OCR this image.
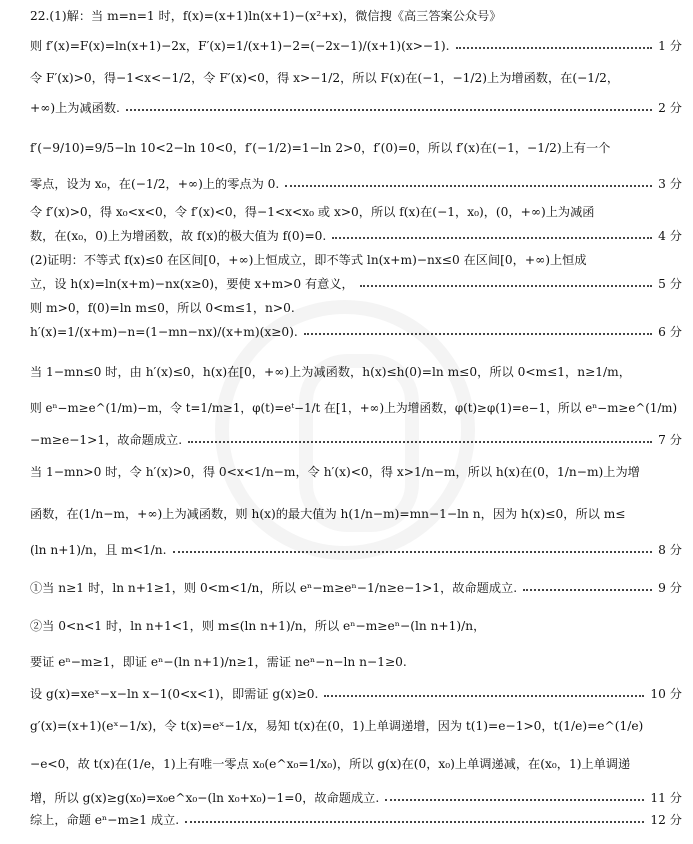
22.(1)解：当 m=n=1 时，f(x)=(x+1)ln(x+1)−(x²+x)，微信搜《高三答案公众号》
则 f′(x)=F(x)=ln(x+1)−2x，F′(x)=1/(x+1)−2=(−2x−1)/(x+1)(x>−1).	1 分
令 F′(x)>0，得−1<x<−1/2，令 F′(x)<0，得 x>−1/2，所以 F(x)在(−1，−1/2)上为增函数，在(−1/2，
+∞)上为减函数.	2 分
f′(−9/10)=9/5−ln 10<2−ln 10<0，f′(−1/2)=1−ln 2>0，f′(0)=0，所以 f′(x)在(−1，−1/2)上有一个
零点，设为 x₀，在(−1/2，+∞)上的零点为 0.	3 分
令 f′(x)>0，得 x₀<x<0，令 f′(x)<0，得−1<x<x₀ 或 x>0，所以 f(x)在(−1，x₀)，(0，+∞)上为减函
数，在(x₀，0)上为增函数，故 f(x)的极大值为 f(0)=0.	4 分
(2)证明：不等式 f(x)≤0 在区间[0，+∞)上恒成立，即不等式 ln(x+m)−nx≤0 在区间[0，+∞)上恒成
立，设 h(x)=ln(x+m)−nx(x≥0)，要使 x+m>0 有意义，	5 分
则 m>0，f(0)=ln m≤0，所以 0<m≤1，n>0.
h′(x)=1/(x+m)−n=(1−mn−nx)/(x+m)(x≥0).	6 分
当 1−mn≤0 时，由 h′(x)≤0，h(x)在[0，+∞)上为减函数，h(x)≤h(0)=ln m≤0，所以 0<m≤1，n≥1/m，
则 eⁿ−m≥e^(1/m)−m，令 t=1/m≥1，φ(t)=eᵗ−1/t 在[1，+∞)上为增函数，φ(t)≥φ(1)=e−1，所以 eⁿ−m≥e^(1/m)
−m≥e−1>1，故命题成立.	7 分
当 1−mn>0 时，令 h′(x)>0，得 0<x<1/n−m，令 h′(x)<0，得 x>1/n−m，所以 h(x)在(0，1/n−m)上为增
函数，在(1/n−m，+∞)上为减函数，则 h(x)的最大值为 h(1/n−m)=mn−1−ln n，因为 h(x)≤0，所以 m≤
(ln n+1)/n，且 m<1/n.	8 分
①当 n≥1 时，ln n+1≥1，则 0<m<1/n，所以 eⁿ−m≥eⁿ−1/n≥e−1>1，故命题成立.	9 分
②当 0<n<1 时，ln n+1<1，则 m≤(ln n+1)/n，所以 eⁿ−m≥eⁿ−(ln n+1)/n，
要证 eⁿ−m≥1，即证 eⁿ−(ln n+1)/n≥1，需证 neⁿ−n−ln n−1≥0.
设 g(x)=xeˣ−x−ln x−1(0<x<1)，即需证 g(x)≥0.	10 分
g′(x)=(x+1)(eˣ−1/x)，令 t(x)=eˣ−1/x，易知 t(x)在(0，1)上单调递增，因为 t(1)=e−1>0，t(1/e)=e^(1/e)
−e<0，故 t(x)在(1/e，1)上有唯一零点 x₀(e^x₀=1/x₀)，所以 g(x)在(0，x₀)上单调递减，在(x₀，1)上单调递
增，所以 g(x)≥g(x₀)=x₀e^x₀−(ln x₀+x₀)−1=0，故命题成立.	11 分
综上，命题 eⁿ−m≥1 成立.	12 分
